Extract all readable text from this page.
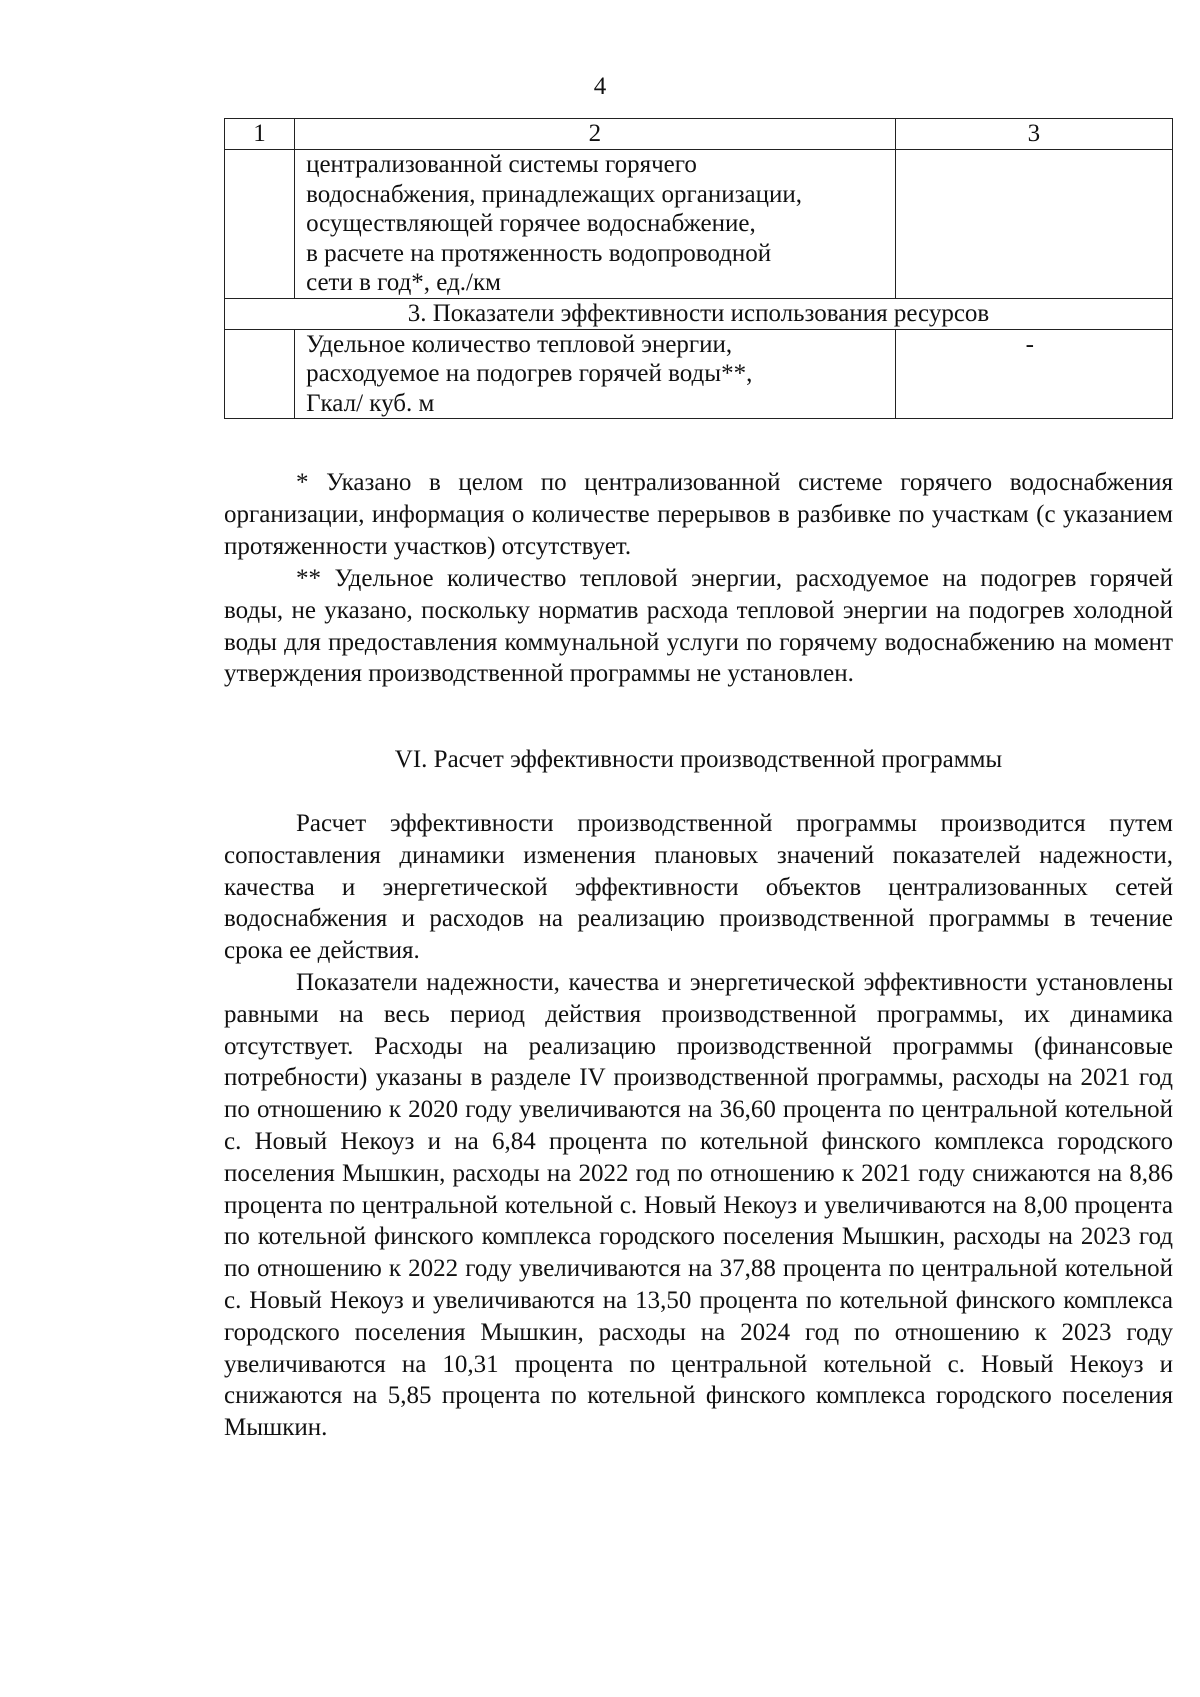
4
1	2	3

	централизованной системы горячего
водоснабжения, принадлежащих организации,
осуществляющей горячее водоснабжение,
в расчете на протяженность водопроводной
сети в год*, ед./км	

3. Показатели эффективности использования ресурсов		

	Удельное количество тепловой энергии,
расходуемое на подогрев горячей воды**,
Гкал/ куб. м	-

* Указано в целом по централизованной системе горячего водоснабжения организации, информация о количестве перерывов в разбивке по участкам (с указанием протяженности участков) отсутствует.

** Удельное количество тепловой энергии, расходуемое на подогрев горячей воды, не указано, поскольку норматив расхода тепловой энергии на подогрев холодной воды для предоставления коммунальной услуги по горячему водоснабжению на момент утверждения производственной программы не установлен.

VI. Расчет эффективности производственной программы

Расчет эффективности производственной программы производится путем сопоставления динамики изменения плановых значений показателей надежности, качества и энергетической эффективности объектов централизованных сетей водоснабжения и расходов на реализацию производственной программы в течение срока ее действия.

Показатели надежности, качества и энергетической эффективности установлены равными на весь период действия производственной программы, их динамика отсутствует. Расходы на реализацию производственной программы (финансовые потребности) указаны в разделе IV производственной программы, расходы на 2021 год по отношению к 2020 году увеличиваются на 36,60 процента по центральной котельной с. Новый Некоуз и на 6,84 процента по котельной финского комплекса городского поселения Мышкин, расходы на 2022 год по отношению к 2021 году снижаются на 8,86 процента по центральной котельной с. Новый Некоуз и увеличиваются на 8,00 процента по котельной финского комплекса городского поселения Мышкин, расходы на 2023 год по отношению к 2022 году увеличиваются на 37,88 процента по центральной котельной с. Новый Некоуз и увеличиваются на 13,50 процента по котельной финского комплекса городского поселения Мышкин, расходы на 2024 год по отношению к 2023 году увеличиваются на 10,31 процента по центральной котельной с. Новый Некоуз и снижаются на 5,85 процента по котельной финского комплекса городского поселения Мышкин.
